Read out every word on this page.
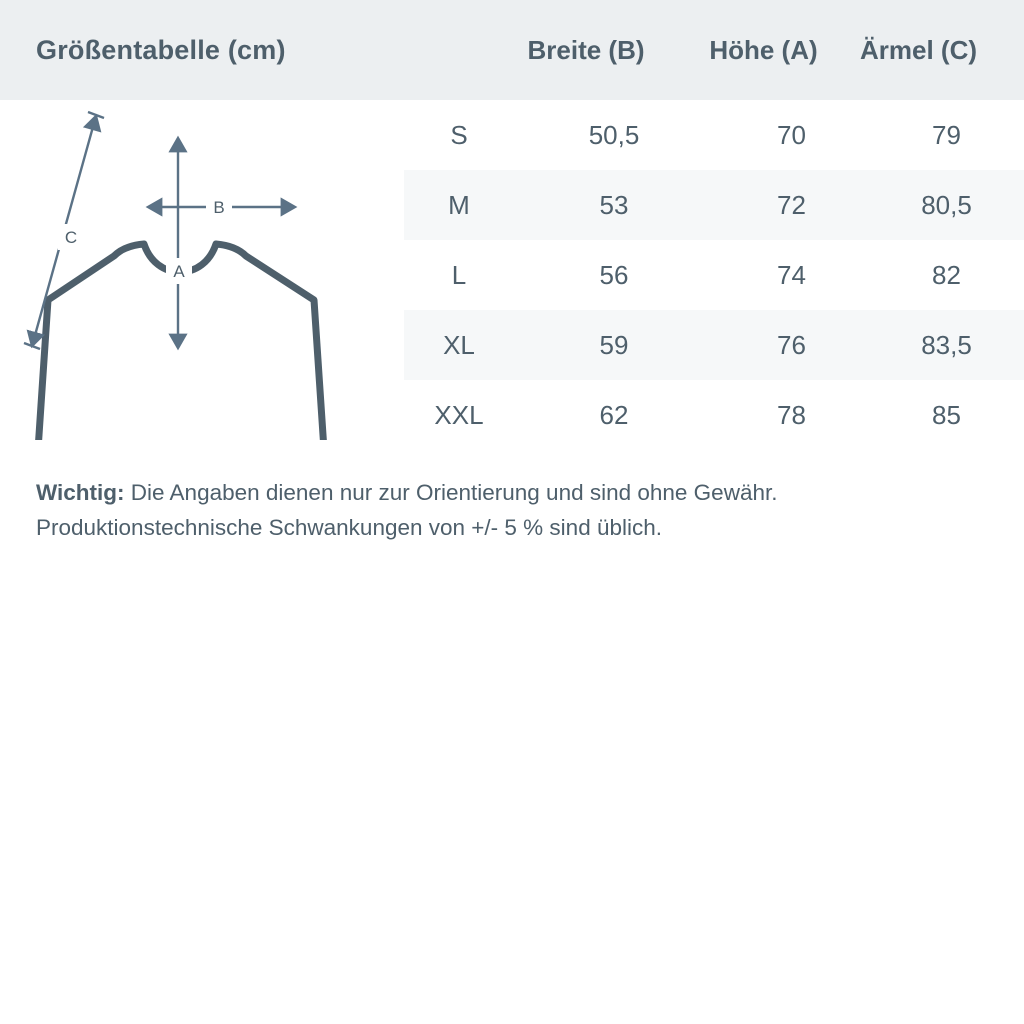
Größentabelle (cm)	Breite (B)	Höhe (A)	Ärmel (C)
B
A
C
S	50,5	70	79
M	53	72	80,5
L	56	74	82
XL	59	76	83,5
XXL	62	78	85
Wichtig: Die Angaben dienen nur zur Orientierung und sind ohne Gewähr.
Produktionstechnische Schwankungen von +/- 5 % sind üblich.
